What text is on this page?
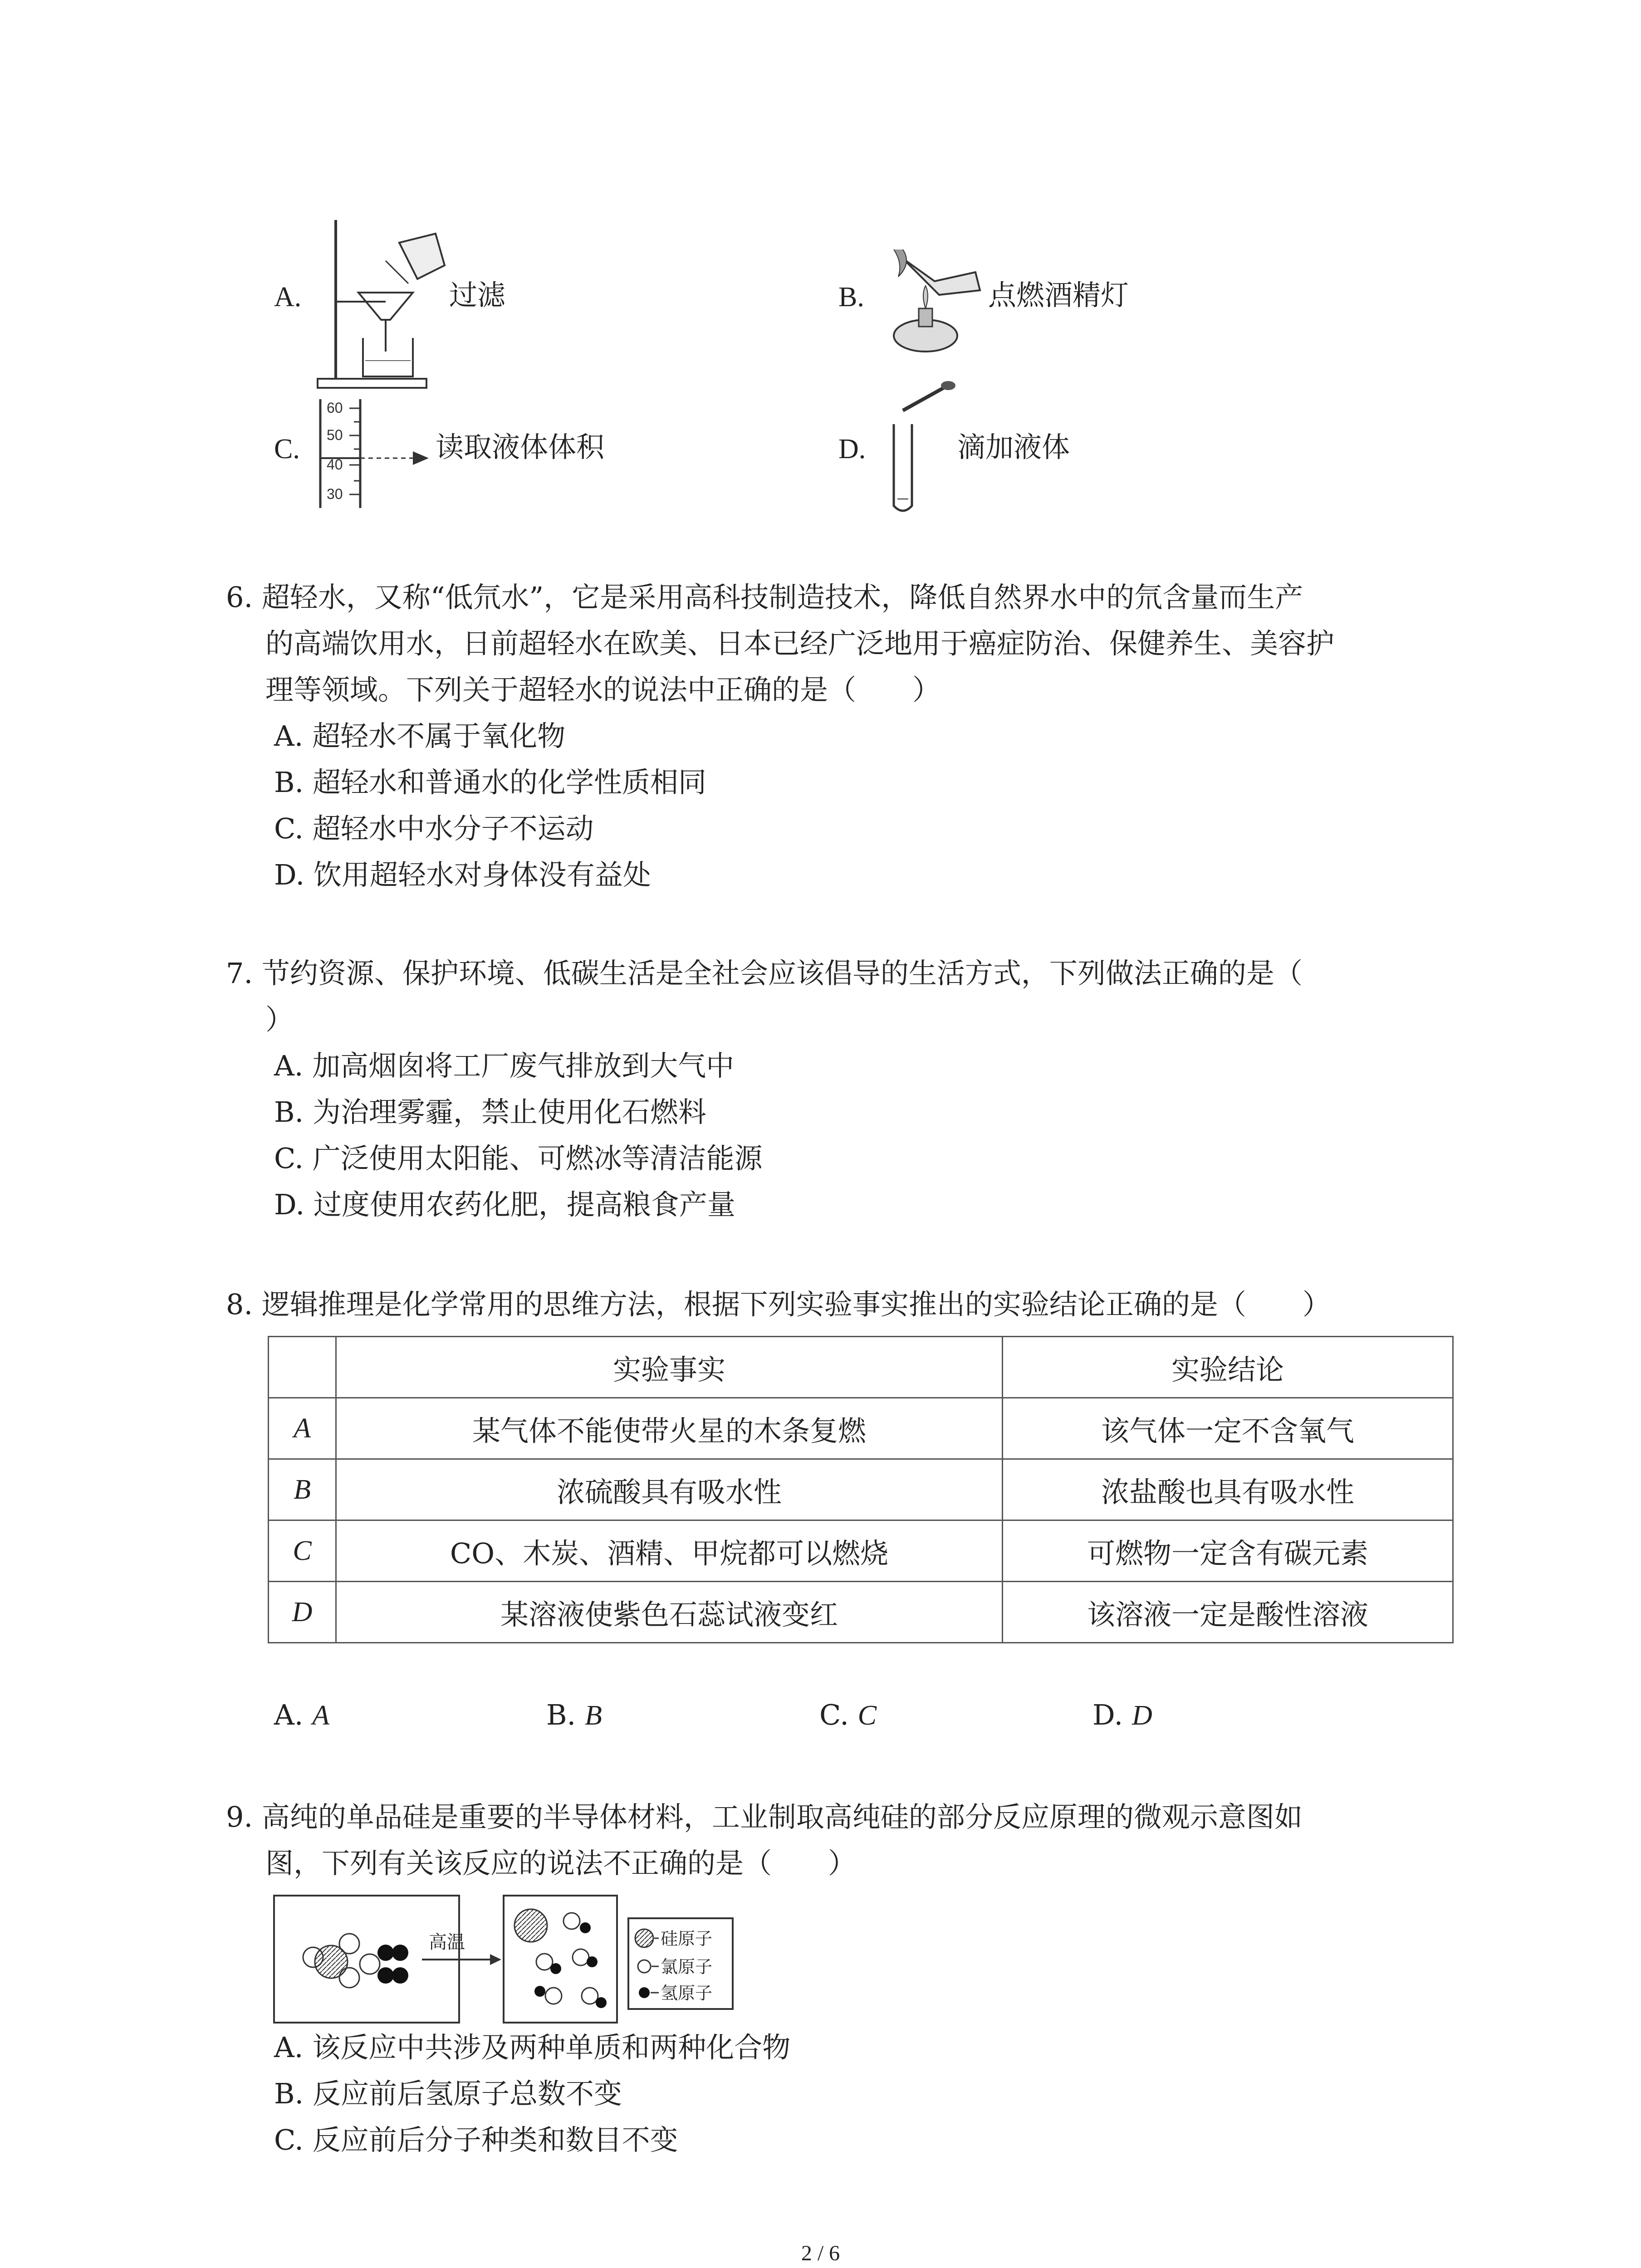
A.	过滤	B.	点燃酒精灯
C.
60
50
40
30
读取液体体积	D.	滴加液体
6. 超轻水，又称“低氘水”，它是采用高科技制造技术，降低自然界水中的氘含量而生产
的高端饮用水，日前超轻水在欧美、日本已经广泛地用于癌症防治、保健养生、美容护
理等领域。下列关于超轻水的说法中正确的是（　　）
A. 超轻水不属于氧化物
B. 超轻水和普通水的化学性质相同
C. 超轻水中水分子不运动
D. 饮用超轻水对身体没有益处
7. 节约资源、保护环境、低碳生活是全社会应该倡导的生活方式，下列做法正确的是（
）
A. 加高烟囱将工厂废气排放到大气中
B. 为治理雾霾，禁止使用化石燃料
C. 广泛使用太阳能、可燃冰等清洁能源
D. 过度使用农药化肥，提高粮食产量
8. 逻辑推理是化学常用的思维方法，根据下列实验事实推出的实验结论正确的是（　　）
	实验事实	实验结论
A	某气体不能使带火星的木条复燃	该气体一定不含氧气
B	浓硫酸具有吸水性	浓盐酸也具有吸水性
C	CO、木炭、酒精、甲烷都可以燃烧	可燃物一定含有碳元素
D	某溶液使紫色石蕊试液变红	该溶液一定是酸性溶液
A. A	B. B	C. C	D. D
9. 高纯的单品硅是重要的半导体材料，工业制取高纯硅的部分反应原理的微观示意图如
图，下列有关该反应的说法不正确的是（　　）
高温	硅原子
氯原子
氢原子
A. 该反应中共涉及两种单质和两种化合物
B. 反应前后氢原子总数不变
C. 反应前后分子种类和数目不变
2 / 6
